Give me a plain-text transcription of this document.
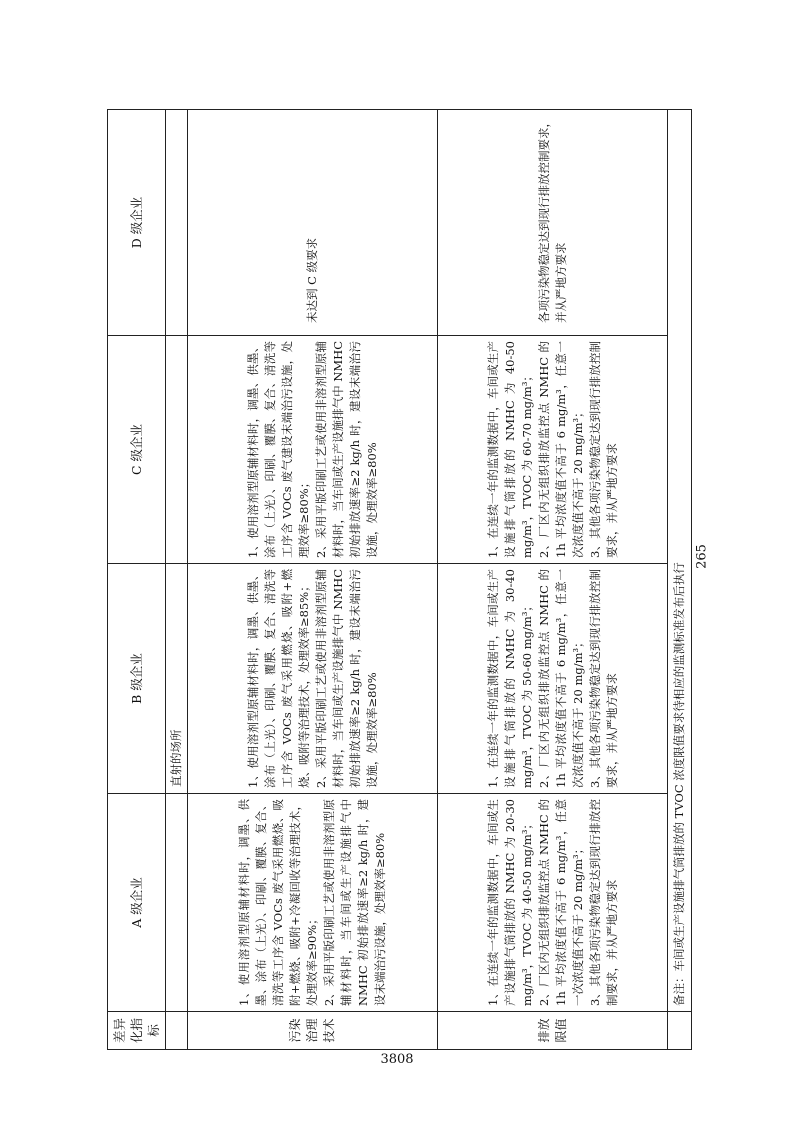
差异化指标	A 级企业	B 级企业	C 级企业	D 级企业
		直射的场所		
污染治理技术	1、使用溶剂型原辅材料时，调墨、供墨、涂布（上光）、印刷、覆膜、复合、清洗等工序含 VOCs 废气采用燃烧、吸附+燃烧、吸附+冷凝回收等治理技术，处理效率≥90%； 2、采用平版印刷工艺或使用非溶剂型原辅材料时，当车间或生产设施排气中 NMHC 初始排放速率≥2 kg/h 时，建设末端治污设施，处理效率≥80%	1、使用溶剂型原辅材料时，调墨、供墨、涂布（上光）、印刷、覆膜、复合、清洗等工序含 VOCs 废气采用燃烧、吸附+燃烧、吸附等治理技术，处理效率≥85%； 2、采用平版印刷工艺或使用非溶剂型原辅材料时，当车间或生产设施排气中 NMHC 初始排放速率≥2 kg/h 时，建设末端治污设施，处理效率≥80%	1、使用溶剂型原辅材料时，调墨、供墨、涂布（上光）、印刷、覆膜、复合、清洗等工序含 VOCs 废气建设末端治污设施，处理效率≥80%； 2、采用平版印刷工艺或使用非溶剂型原辅材料时，当车间或生产设施排气中 NMHC 初始排放速率≥2 kg/h 时，建设末端治污设施，处理效率≥80%	未达到 C 级要求
排放限值	1、在连续一年的监测数据中，车间或生产设施排气筒排放的 NMHC 为 20-30 mg/m³，TVOC 为 40-50 mg/m³； 2、厂区内无组织排放监控点 NMHC 的 1h 平均浓度值不高于 6 mg/m³，任意一次浓度值不高于 20 mg/m³； 3、其他各项污染物稳定达到现行排放控制要求，并从严地方要求	1、在连续一年的监测数据中，车间或生产设施排气筒排放的 NMHC 为 30-40 mg/m³，TVOC 为 50-60 mg/m³； 2、厂区内无组织排放监控点 NMHC 的 1h 平均浓度值不高于 6 mg/m³，任意一次浓度值不高于 20 mg/m³； 3、其他各项污染物稳定达到现行排放控制要求，并从严地方要求	1、在连续一年的监测数据中，车间或生产设施排气筒排放的 NMHC 为 40-50 mg/m³，TVOC 为 60-70 mg/m³； 2、厂区内无组织排放监控点 NMHC 的 1h 平均浓度值不高于 6 mg/m³，任意一次浓度值不高于 20 mg/m³； 3、其他各项污染物稳定达到现行排放控制要求，并从严地方要求	各项污染物稳定达到现行排放控制要求，并从严地方要求
	备注：车间或生产设施排气筒排放的 TVOC 浓度限值要求待相应的监测标准发布后执行			
265
3808
